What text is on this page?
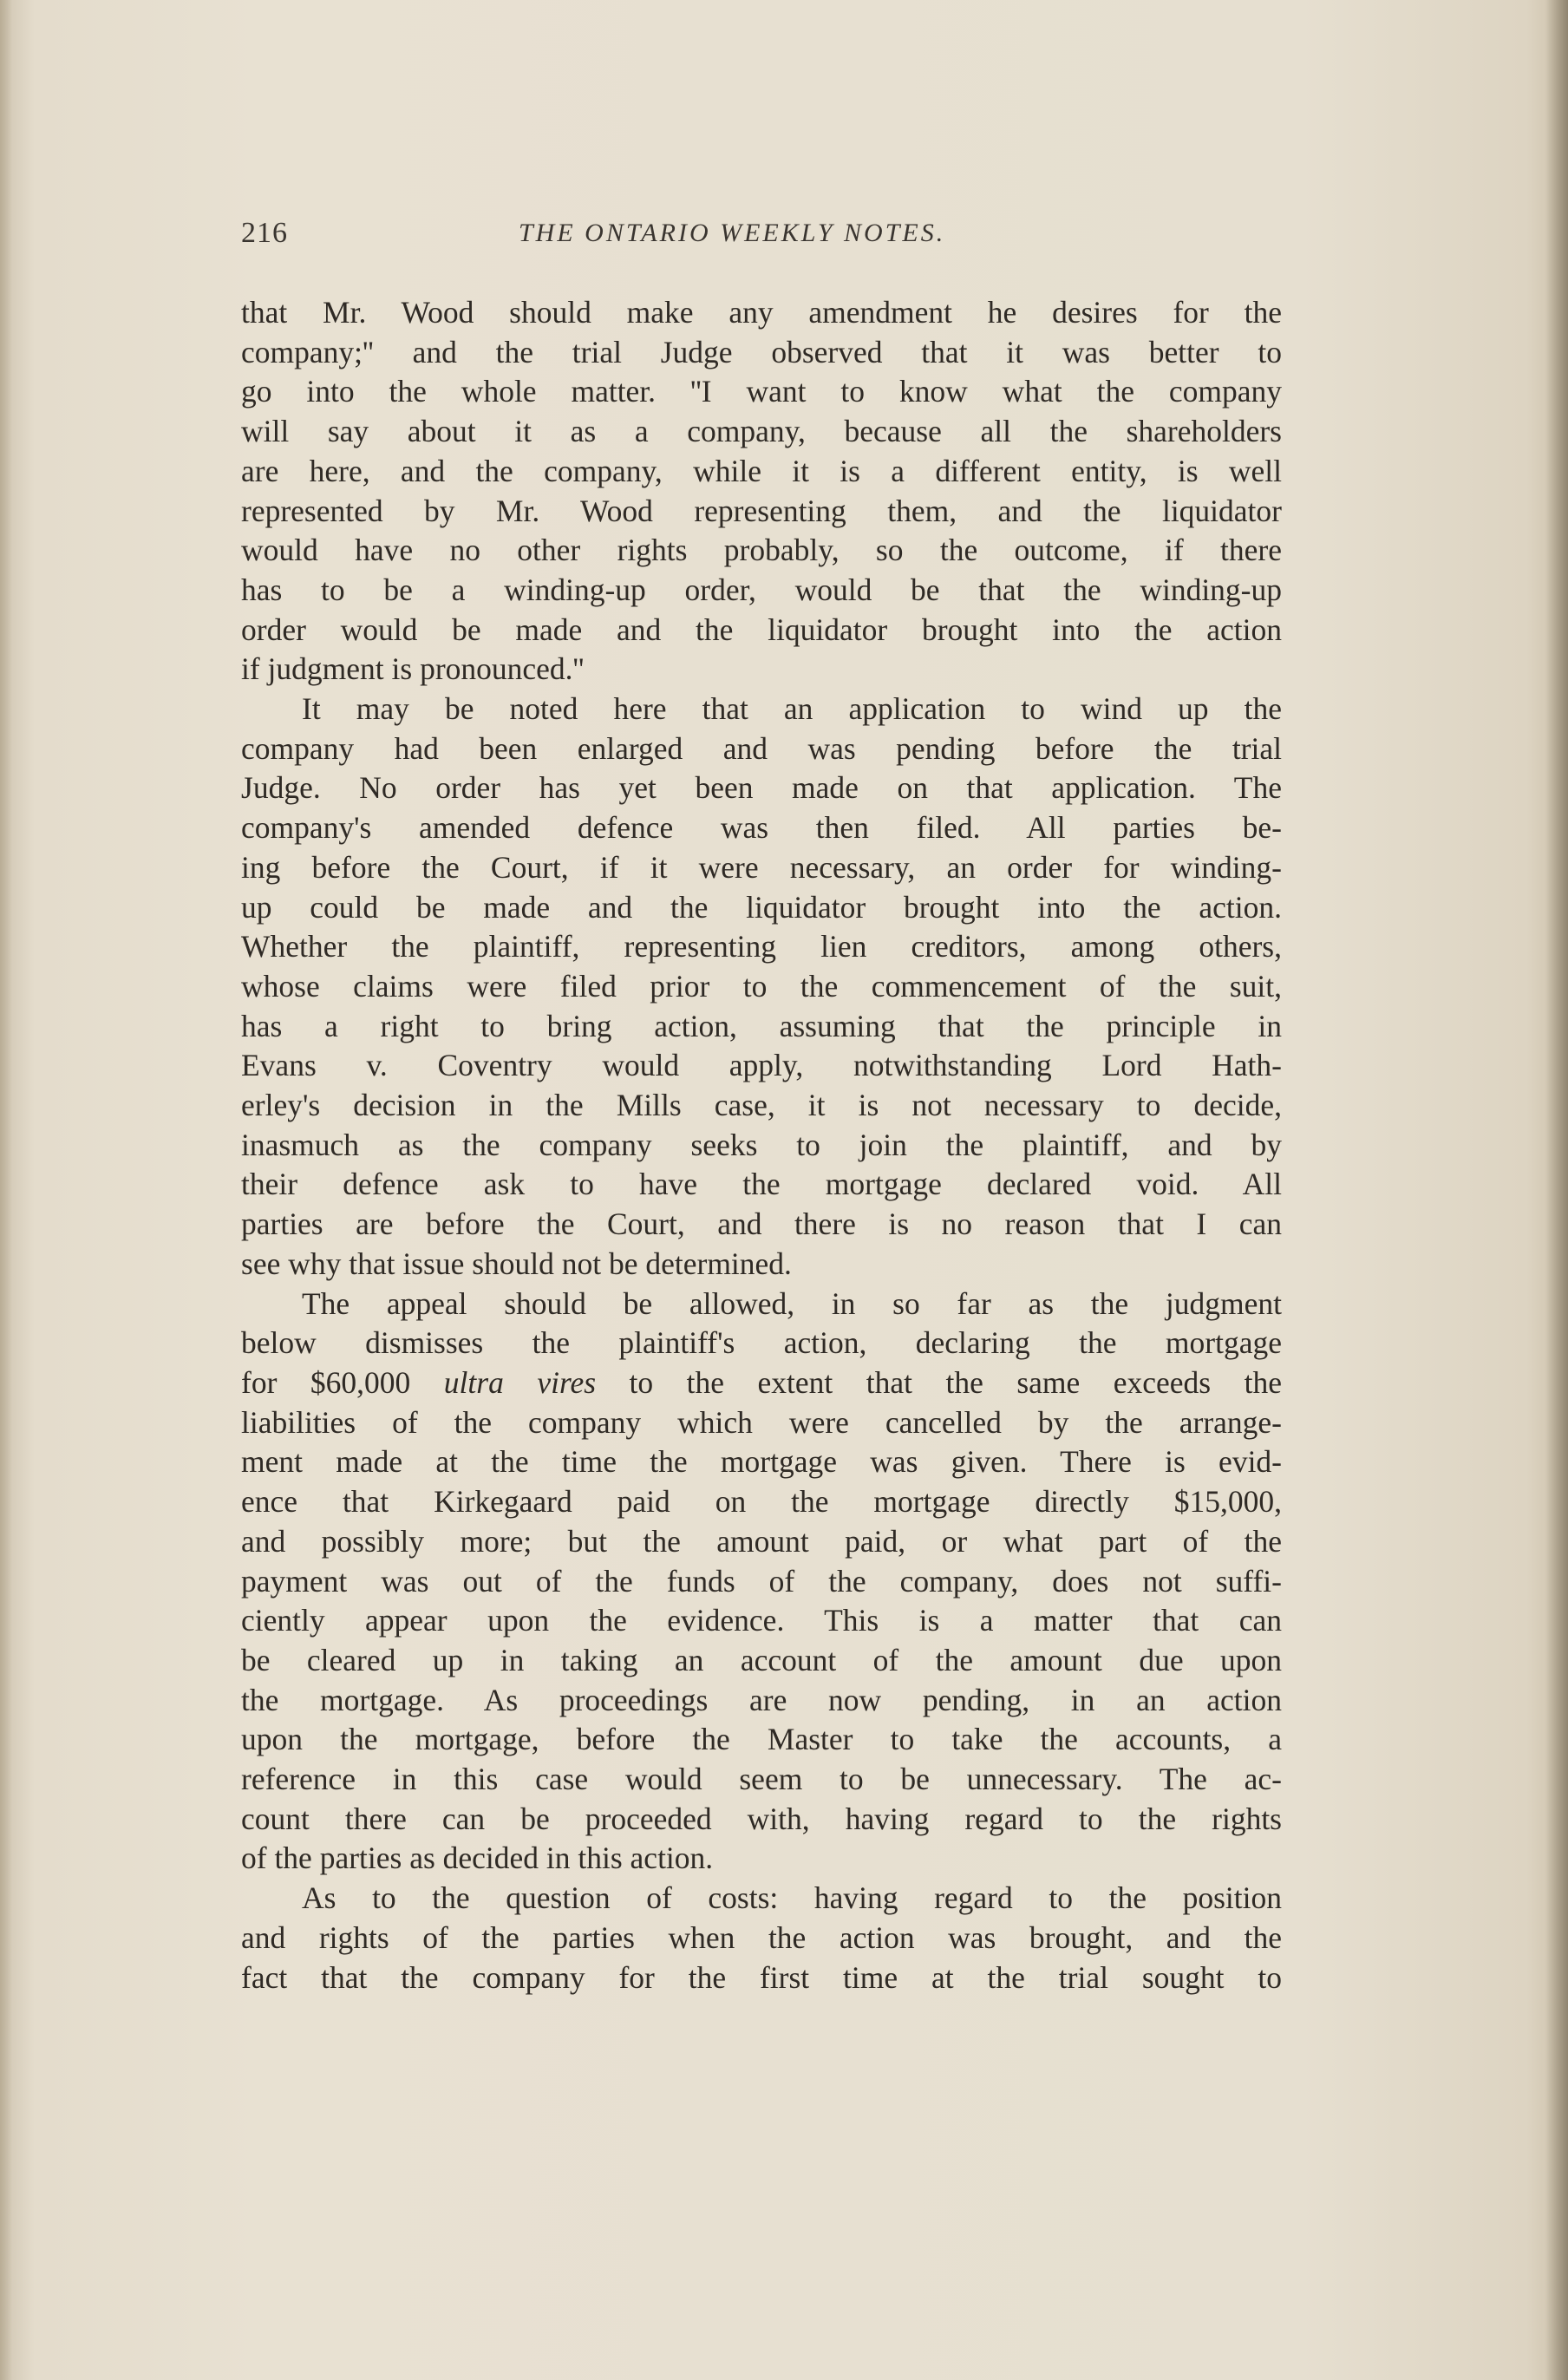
216	THE ONTARIO WEEKLY NOTES.

that Mr. Wood should make any amendment he desires for the
company;'' and the trial Judge observed that it was better to
go into the whole matter. ''I want to know what the company
will say about it as a company, because all the shareholders
are here, and the company, while it is a different entity, is well
represented by Mr. Wood representing them, and the liquidator
would have no other rights probably, so the outcome, if there
has to be a winding-up order, would be that the winding-up
order would be made and the liquidator brought into the action
if judgment is pronounced.''

It may be noted here that an application to wind up the
company had been enlarged and was pending before the trial
Judge. No order has yet been made on that application. The
company's amended defence was then filed. All parties be-
ing before the Court, if it were necessary, an order for winding-
up could be made and the liquidator brought into the action.
Whether the plaintiff, representing lien creditors, among others,
whose claims were filed prior to the commencement of the suit,
has a right to bring action, assuming that the principle in
Evans v. Coventry would apply, notwithstanding Lord Hath-
erley's decision in the Mills case, it is not necessary to decide,
inasmuch as the company seeks to join the plaintiff, and by
their defence ask to have the mortgage declared void. All
parties are before the Court, and there is no reason that I can
see why that issue should not be determined.

The appeal should be allowed, in so far as the judgment
below dismisses the plaintiff's action, declaring the mortgage
for $60,000 ultra vires to the extent that the same exceeds the
liabilities of the company which were cancelled by the arrange-
ment made at the time the mortgage was given. There is evid-
ence that Kirkegaard paid on the mortgage directly $15,000,
and possibly more; but the amount paid, or what part of the
payment was out of the funds of the company, does not suffi-
ciently appear upon the evidence. This is a matter that can
be cleared up in taking an account of the amount due upon
the mortgage. As proceedings are now pending, in an action
upon the mortgage, before the Master to take the accounts, a
reference in this case would seem to be unnecessary. The ac-
count there can be proceeded with, having regard to the rights
of the parties as decided in this action.

As to the question of costs: having regard to the position
and rights of the parties when the action was brought, and the
fact that the company for the first time at the trial sought to
